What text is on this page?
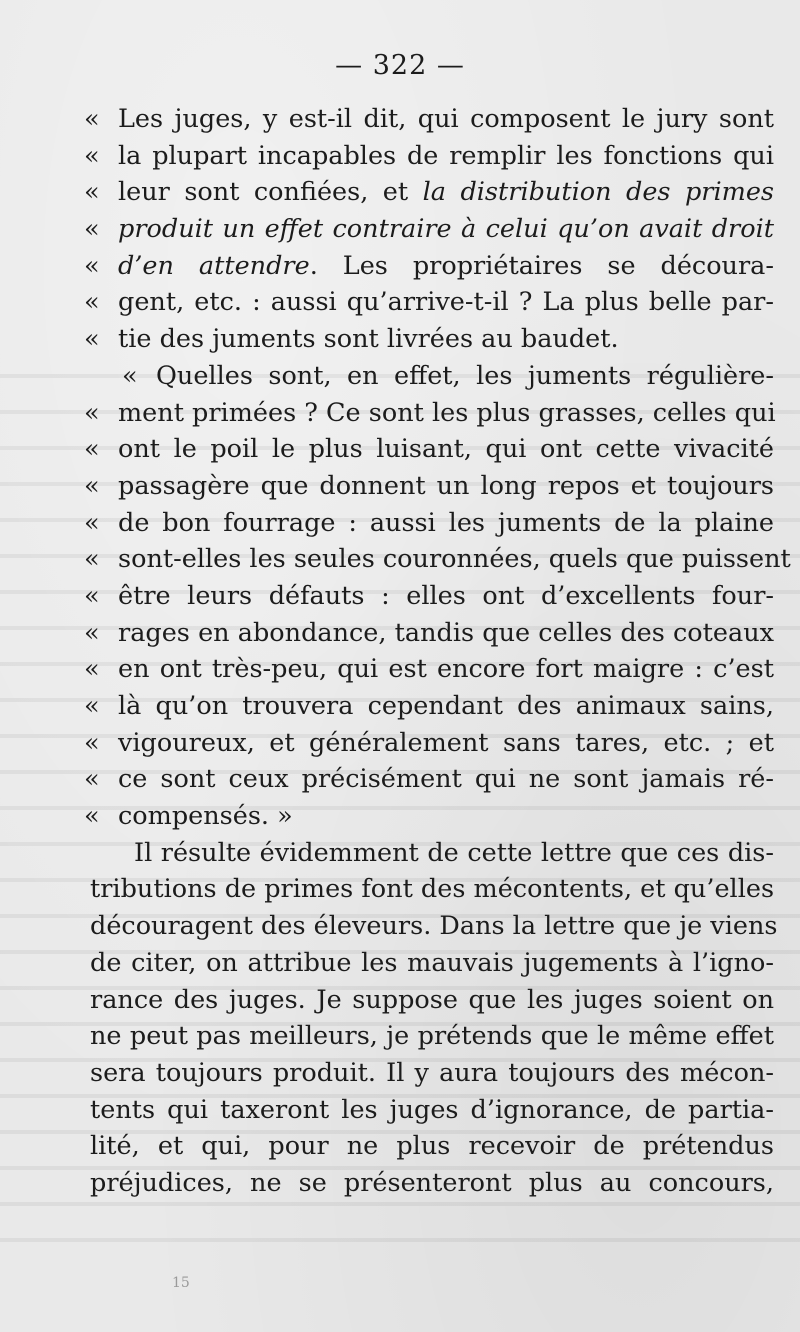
— 322 —
« Les juges, y est-il dit, qui composent le jury sont
« la plupart incapables de remplir les fonctions qui
« leur sont confiées, et la distribution des primes
« produit un effet contraire à celui qu’on avait droit
« d’en attendre. Les propriétaires se découra-
« gent, etc. : aussi qu’arrive-t-il ? La plus belle par-
« tie des juments sont livrées au baudet.
« Quelles sont, en effet, les juments régulière-
« ment primées ? Ce sont les plus grasses, celles qui
« ont le poil le plus luisant, qui ont cette vivacité
« passagère que donnent un long repos et toujours
« de bon fourrage : aussi les juments de la plaine
« sont-elles les seules couronnées, quels que puissent
« être leurs défauts : elles ont d’excellents four-
« rages en abondance, tandis que celles des coteaux
« en ont très-peu, qui est encore fort maigre : c’est
« là qu’on trouvera cependant des animaux sains,
« vigoureux, et généralement sans tares, etc. ; et
« ce sont ceux précisément qui ne sont jamais ré-
« compensés. »
Il résulte évidemment de cette lettre que ces dis-
tributions de primes font des mécontents, et qu’elles
découragent des éleveurs. Dans la lettre que je viens
de citer, on attribue les mauvais jugements à l’igno-
rance des juges. Je suppose que les juges soient on
ne peut pas meilleurs, je prétends que le même effet
sera toujours produit. Il y aura toujours des mécon-
tents qui taxeront les juges d’ignorance, de partia-
lité, et qui, pour ne plus recevoir de prétendus
préjudices, ne se présenteront plus au concours,
15
